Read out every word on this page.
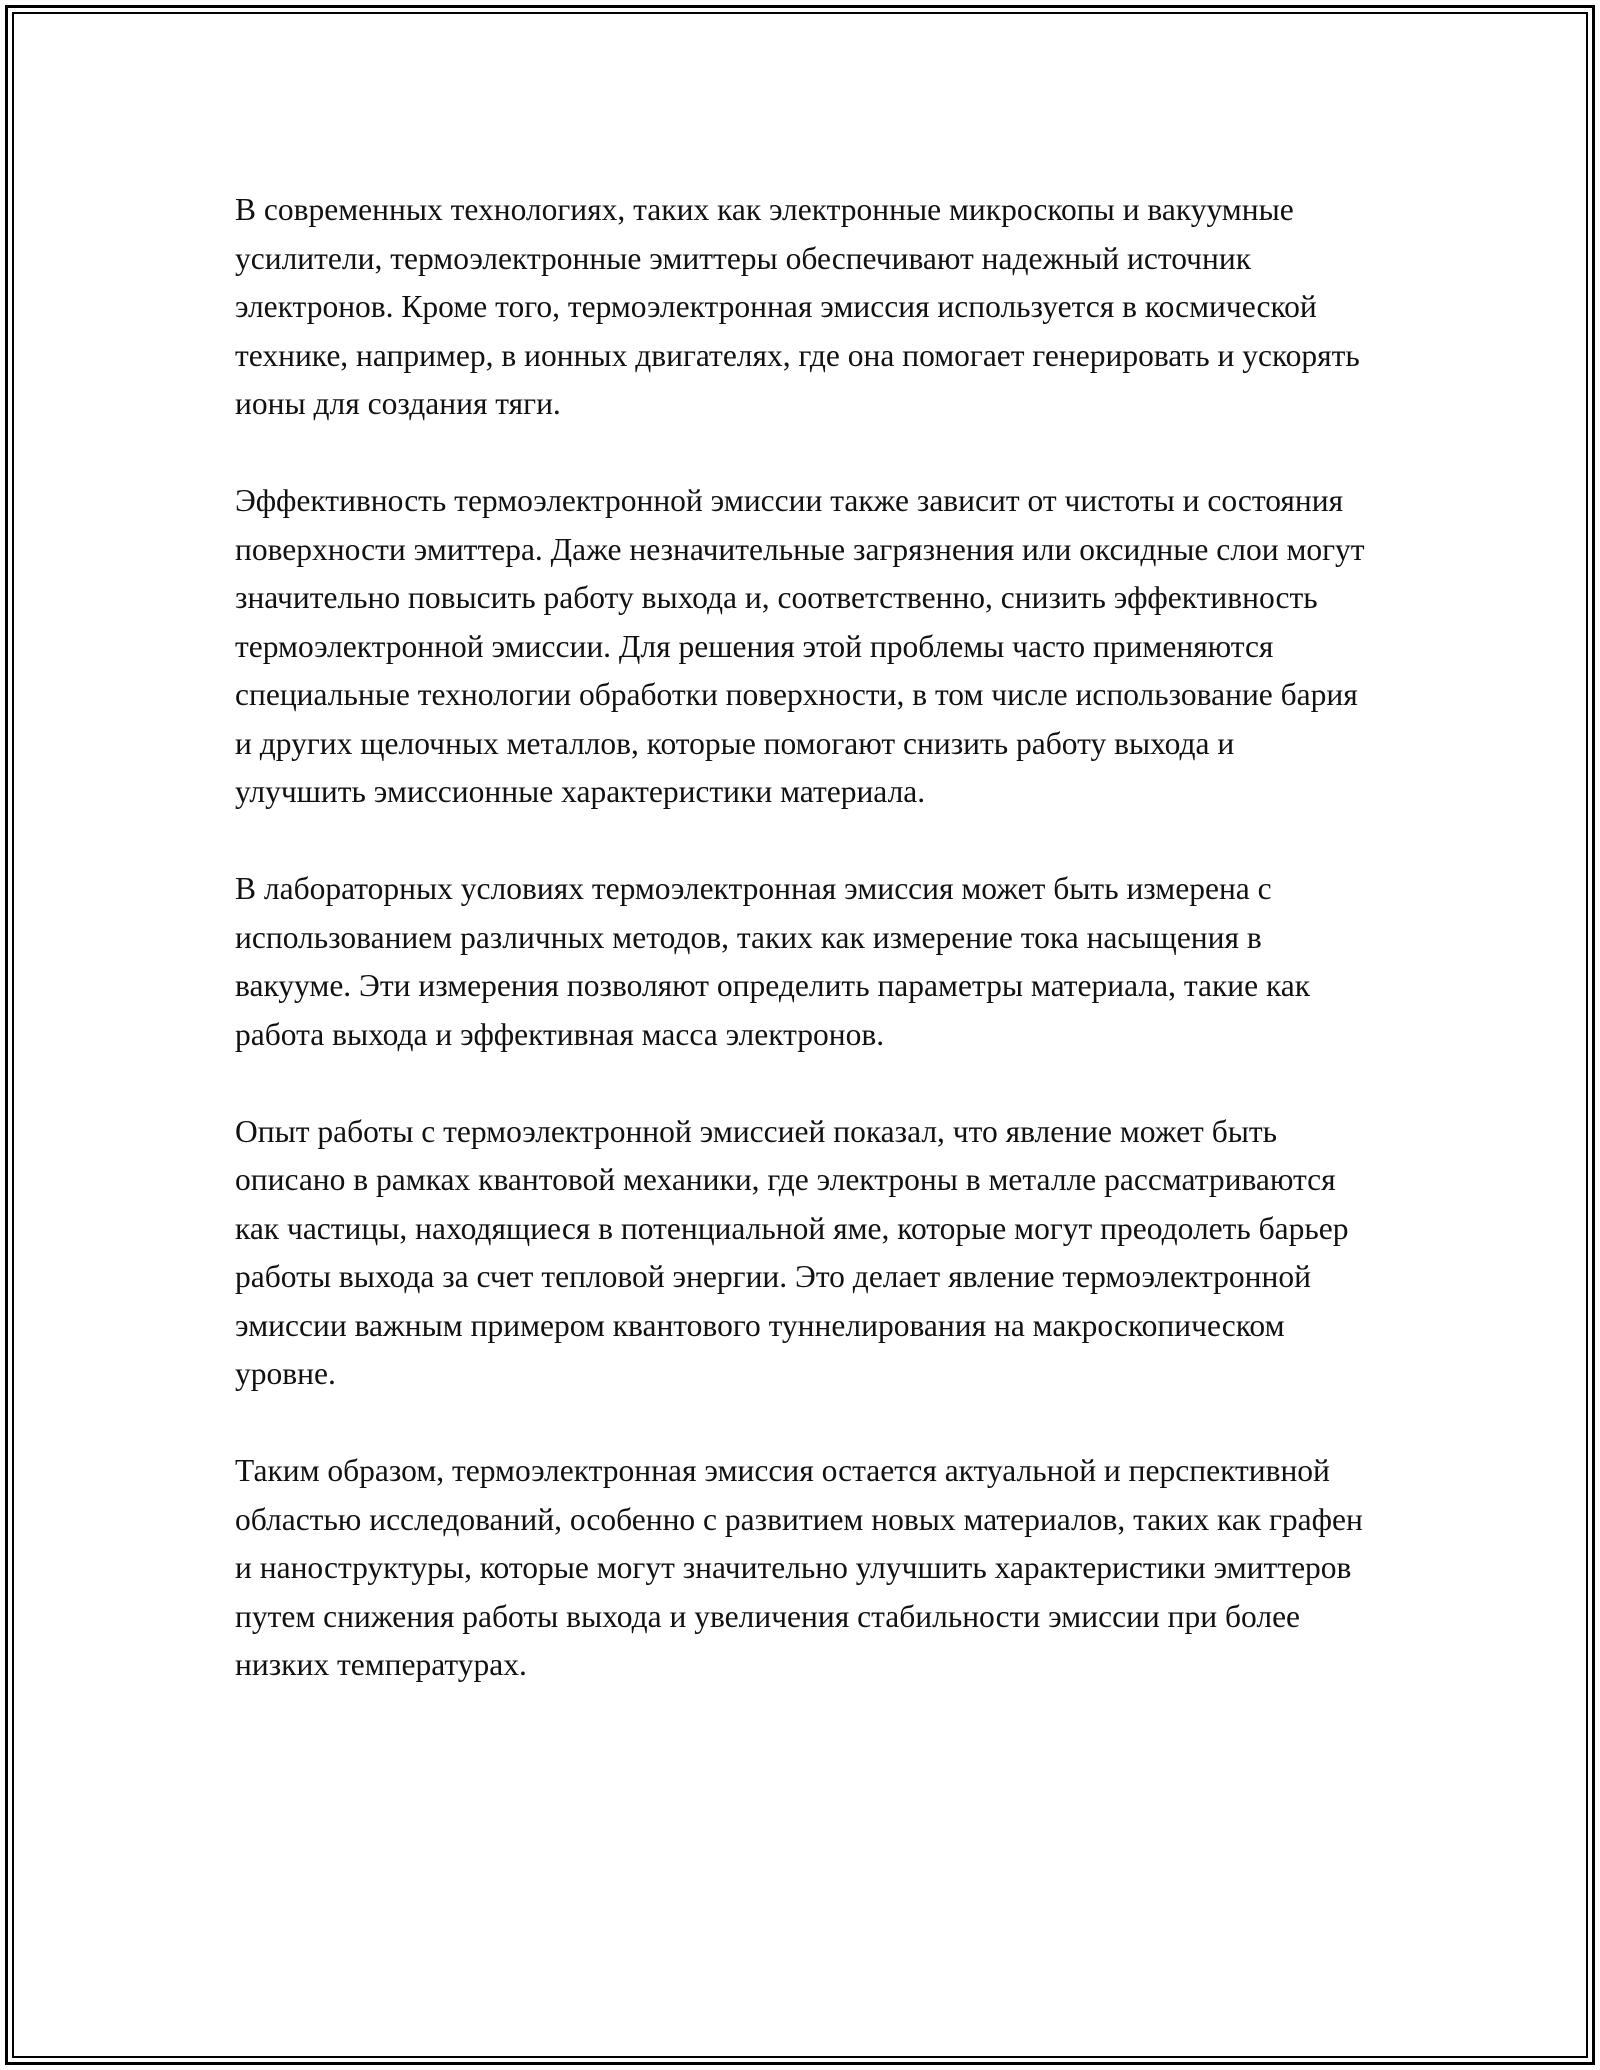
В современных технологиях, таких как электронные микроскопы и вакуумные усилители, термоэлектронные эмиттеры обеспечивают надежный источник электронов. Кроме того, термоэлектронная эмиссия используется в космической технике, например, в ионных двигателях, где она помогает генерировать и ускорять ионы для создания тяги.

Эффективность термоэлектронной эмиссии также зависит от чистоты и состояния поверхности эмиттера. Даже незначительные загрязнения или оксидные слои могут значительно повысить работу выхода и, соответственно, снизить эффективность термоэлектронной эмиссии. Для решения этой проблемы часто применяются специальные технологии обработки поверхности, в том числе использование бария и других щелочных металлов, которые помогают снизить работу выхода и улучшить эмиссионные характеристики материала.

В лабораторных условиях термоэлектронная эмиссия может быть измерена с использованием различных методов, таких как измерение тока насыщения в вакууме. Эти измерения позволяют определить параметры материала, такие как работа выхода и эффективная масса электронов.

Опыт работы с термоэлектронной эмиссией показал, что явление может быть описано в рамках квантовой механики, где электроны в металле рассматриваются как частицы, находящиеся в потенциальной яме, которые могут преодолеть барьер работы выхода за счет тепловой энергии. Это делает явление термоэлектронной эмиссии важным примером квантового туннелирования на макроскопическом уровне.

Таким образом, термоэлектронная эмиссия остается актуальной и перспективной областью исследований, особенно с развитием новых материалов, таких как графен и наноструктуры, которые могут значительно улучшить характеристики эмиттеров путем снижения работы выхода и увеличения стабильности эмиссии при более низких температурах.
